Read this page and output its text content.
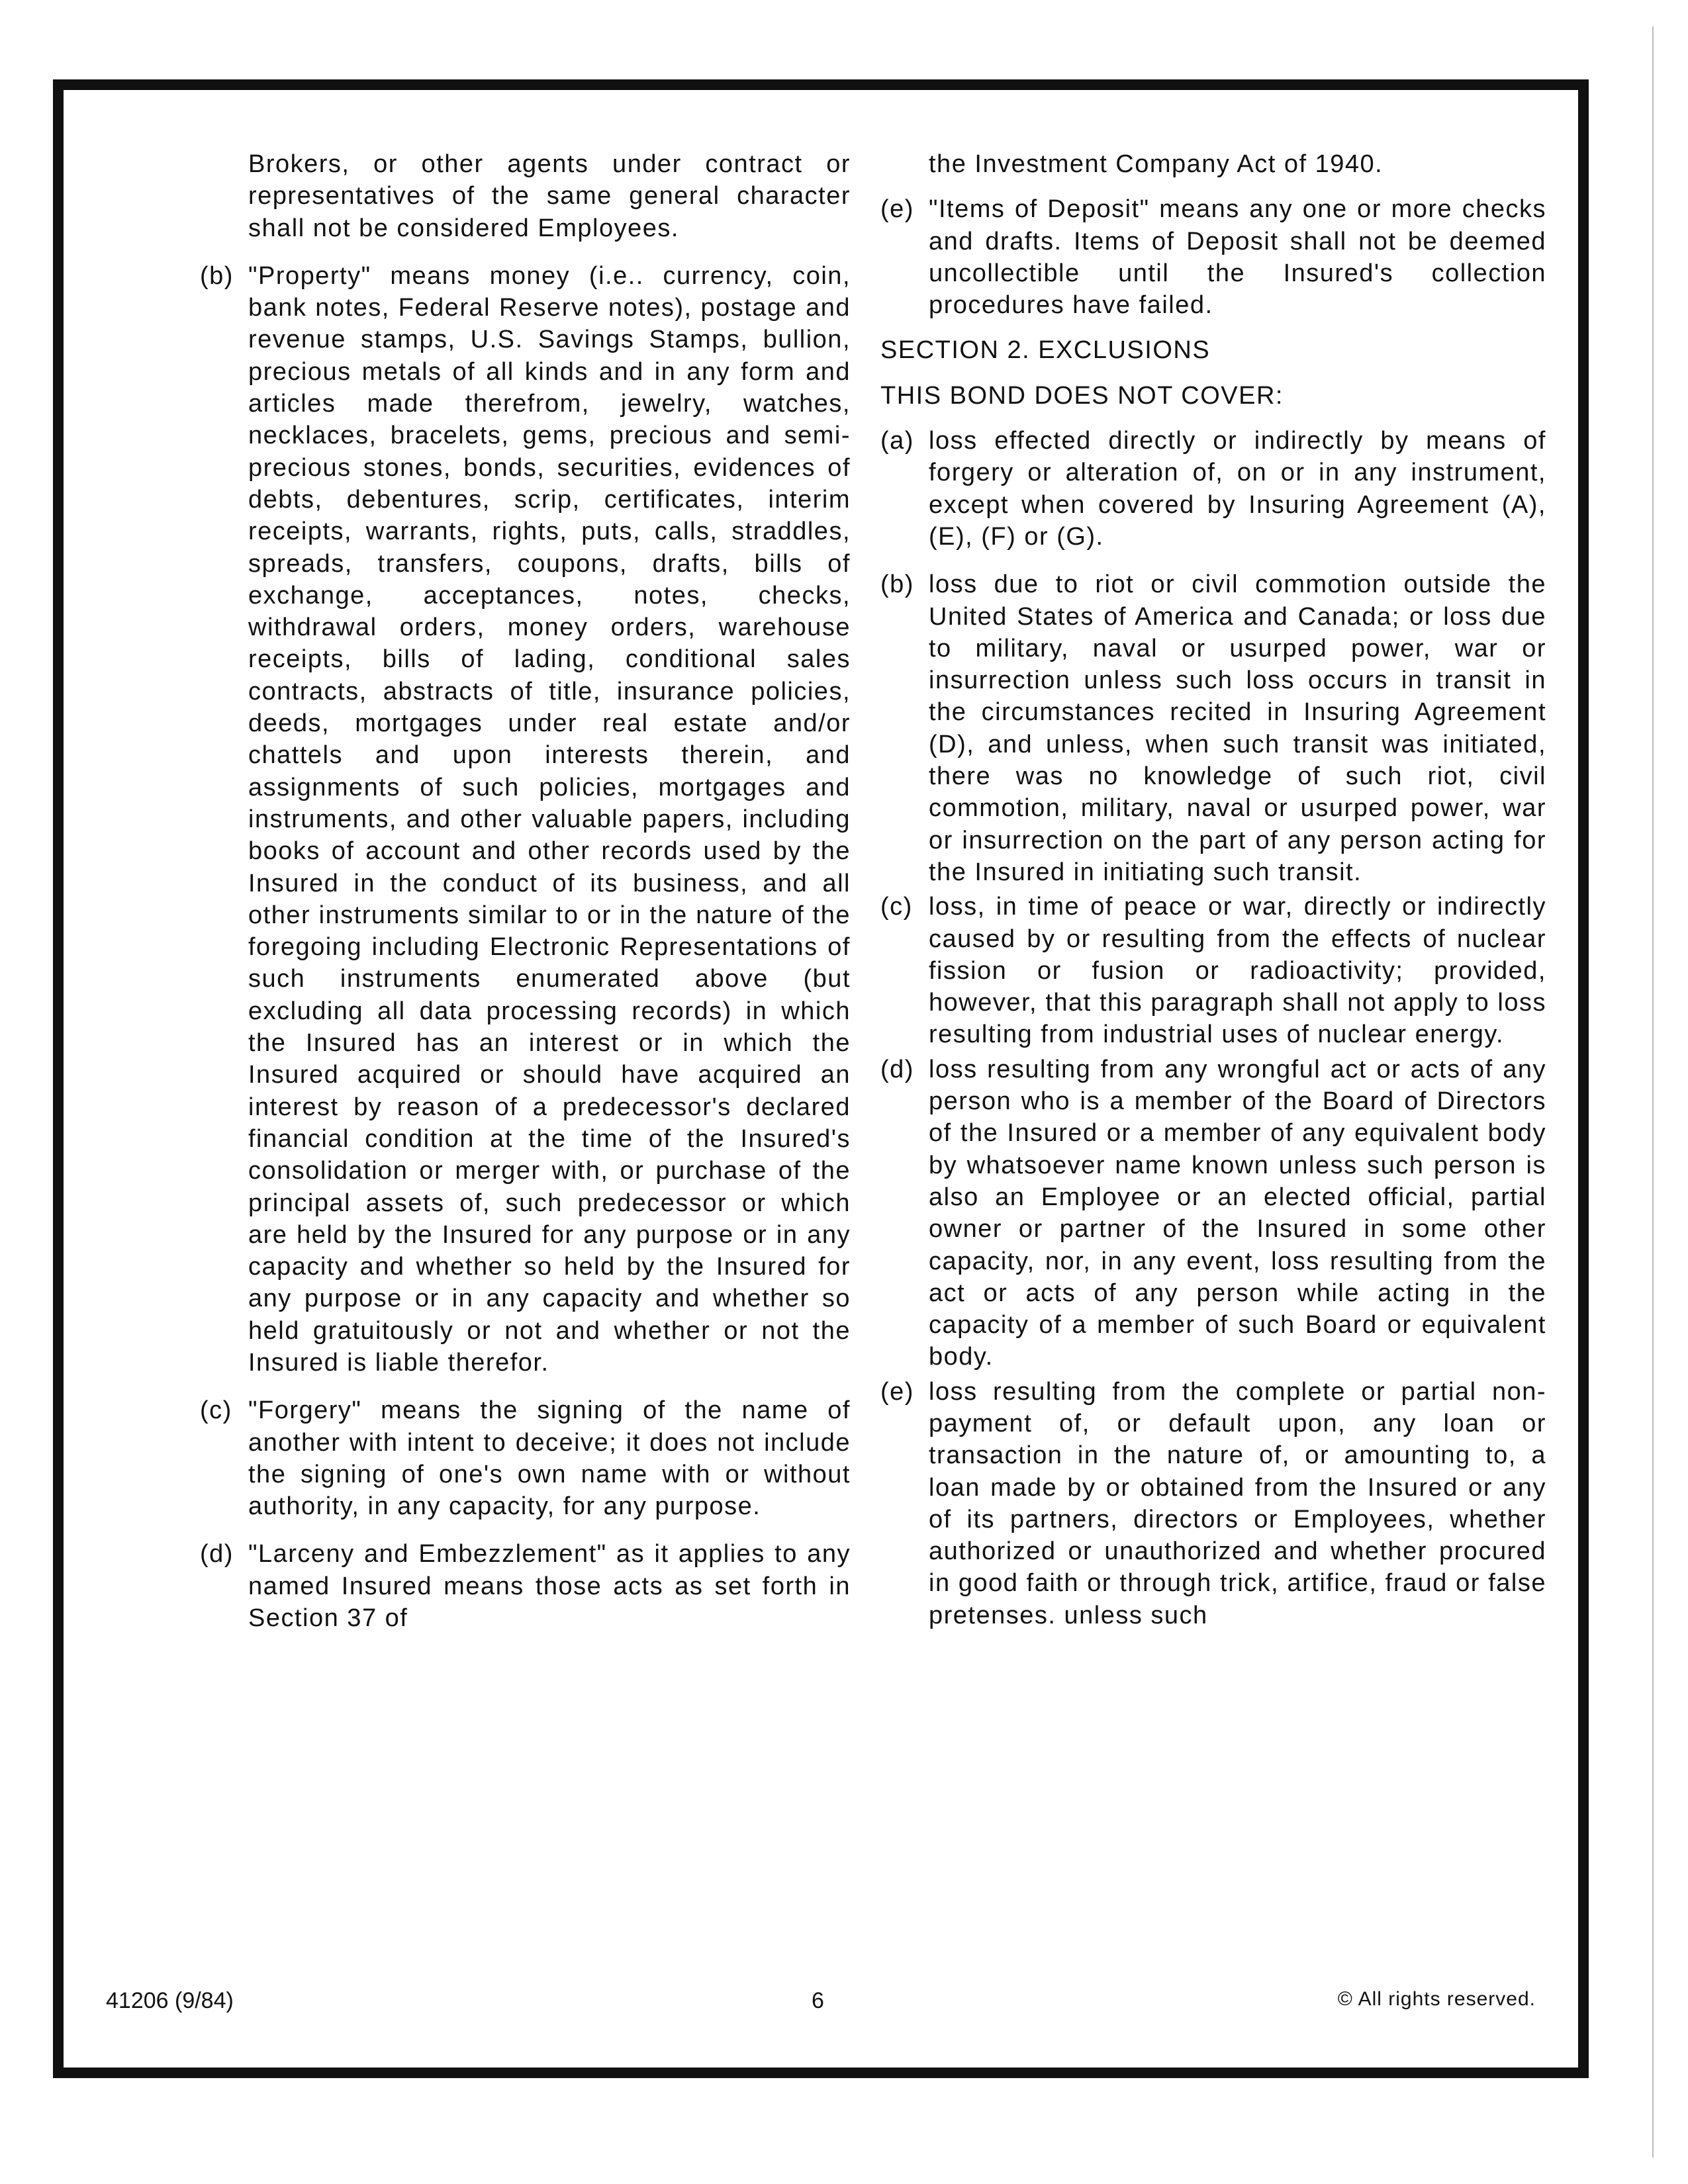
Brokers, or other agents under contract or representatives of the same general character shall not be considered Employees.

(b) "Property" means money (i.e.. currency, coin, bank notes, Federal Reserve notes), postage and revenue stamps, U.S. Savings Stamps, bullion, precious metals of all kinds and in any form and articles made therefrom, jewelry, watches, necklaces, bracelets, gems, precious and semi-precious stones, bonds, securities, evidences of debts, debentures, scrip, certificates, interim receipts, warrants, rights, puts, calls, straddles, spreads, transfers, coupons, drafts, bills of exchange, acceptances, notes, checks, withdrawal orders, money orders, warehouse receipts, bills of lading, conditional sales contracts, abstracts of title, insurance policies, deeds, mortgages under real estate and/or chattels and upon interests therein, and assignments of such policies, mortgages and instruments, and other valuable papers, including books of account and other records used by the Insured in the conduct of its business, and all other instruments similar to or in the nature of the foregoing including Electronic Representations of such instruments enumerated above (but excluding all data processing records) in which the Insured has an interest or in which the Insured acquired or should have acquired an interest by reason of a predecessor's declared financial condition at the time of the Insured's consolidation or merger with, or purchase of the principal assets of, such predecessor or which are held by the Insured for any purpose or in any capacity and whether so held by the Insured for any purpose or in any capacity and whether so held gratuitously or not and whether or not the Insured is liable therefor.
(c) "Forgery" means the signing of the name of another with intent to deceive; it does not include the signing of one's own name with or without authority, in any capacity, for any purpose.
(d) "Larceny and Embezzlement" as it applies to any named Insured means those acts as set forth in Section 37 of

the Investment Company Act of 1940.

(e) "Items of Deposit" means any one or more checks and drafts. Items of Deposit shall not be deemed uncollectible until the Insured's collection procedures have failed.

SECTION 2. EXCLUSIONS

THIS BOND DOES NOT COVER:

(a) loss effected directly or indirectly by means of forgery or alteration of, on or in any instrument, except when covered by Insuring Agreement (A), (E), (F) or (G).
(b) loss due to riot or civil commotion outside the United States of America and Canada; or loss due to military, naval or usurped power, war or insurrection unless such loss occurs in transit in the circumstances recited in Insuring Agreement (D), and unless, when such transit was initiated, there was no knowledge of such riot, civil commotion, military, naval or usurped power, war or insurrection on the part of any person acting for the Insured in initiating such transit.
(c) loss, in time of peace or war, directly or indirectly caused by or resulting from the effects of nuclear fission or fusion or radioactivity; provided, however, that this paragraph shall not apply to loss resulting from industrial uses of nuclear energy.
(d) loss resulting from any wrongful act or acts of any person who is a member of the Board of Directors of the Insured or a member of any equivalent body by whatsoever name known unless such person is also an Employee or an elected official, partial owner or partner of the Insured in some other capacity, nor, in any event, loss resulting from the act or acts of any person while acting in the capacity of a member of such Board or equivalent body.
(e) loss resulting from the complete or partial non-payment of, or default upon, any loan or transaction in the nature of, or amounting to, a loan made by or obtained from the Insured or any of its partners, directors or Employees, whether authorized or unauthorized and whether procured in good faith or through trick, artifice, fraud or false pretenses. unless such
41206 (9/84)	6	© All rights reserved.
